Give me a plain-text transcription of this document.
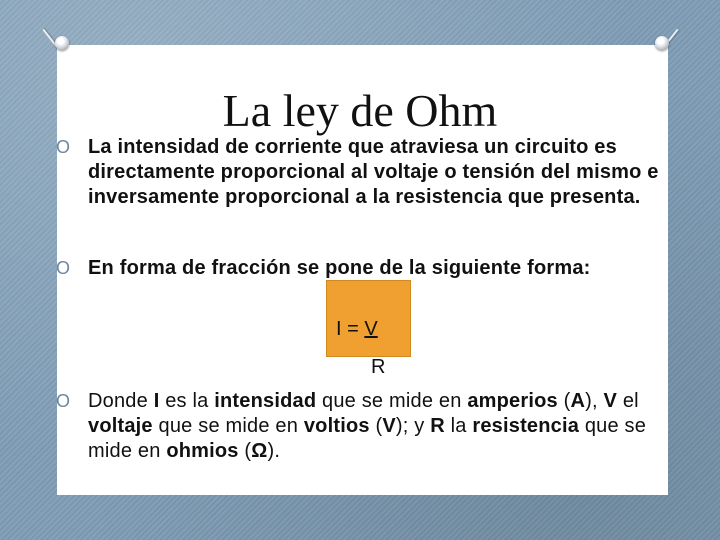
La ley de Ohm
O La intensidad de corriente que atraviesa un circuito es directamente proporcional al voltaje o tensión del mismo e inversamente proporcional a la resistencia que presenta.

O En forma de fracción se pone de la siguiente forma:

I = V
R
O Donde I es la intensidad que se mide en amperios (A), V el voltaje que se mide en voltios (V); y R la resistencia que se mide en ohmios (Ω).
